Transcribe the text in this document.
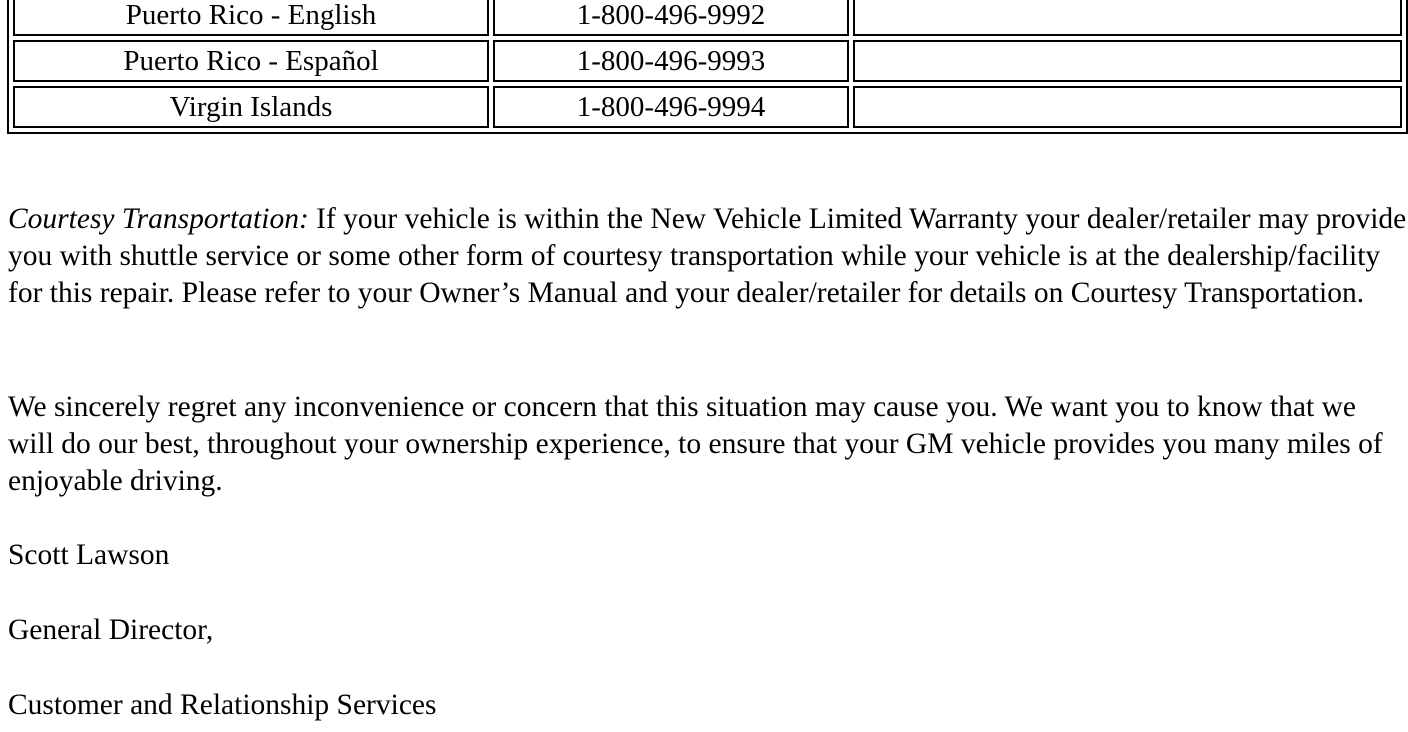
Puerto Rico - English	1-800-496-9992	
Puerto Rico - Español	1-800-496-9993	
Virgin Islands	1-800-496-9994	

Courtesy Transportation: If your vehicle is within the New Vehicle Limited Warranty your dealer/retailer may provide you with shuttle service or some other form of courtesy transportation while your vehicle is at the dealership/facility for this repair. Please refer to your Owner’s Manual and your dealer/retailer for details on Courtesy Transportation.

We sincerely regret any inconvenience or concern that this situation may cause you. We want you to know that we will do our best, throughout your ownership experience, to ensure that your GM vehicle provides you many miles of enjoyable driving.

Scott Lawson

General Director,

Customer and Relationship Services
